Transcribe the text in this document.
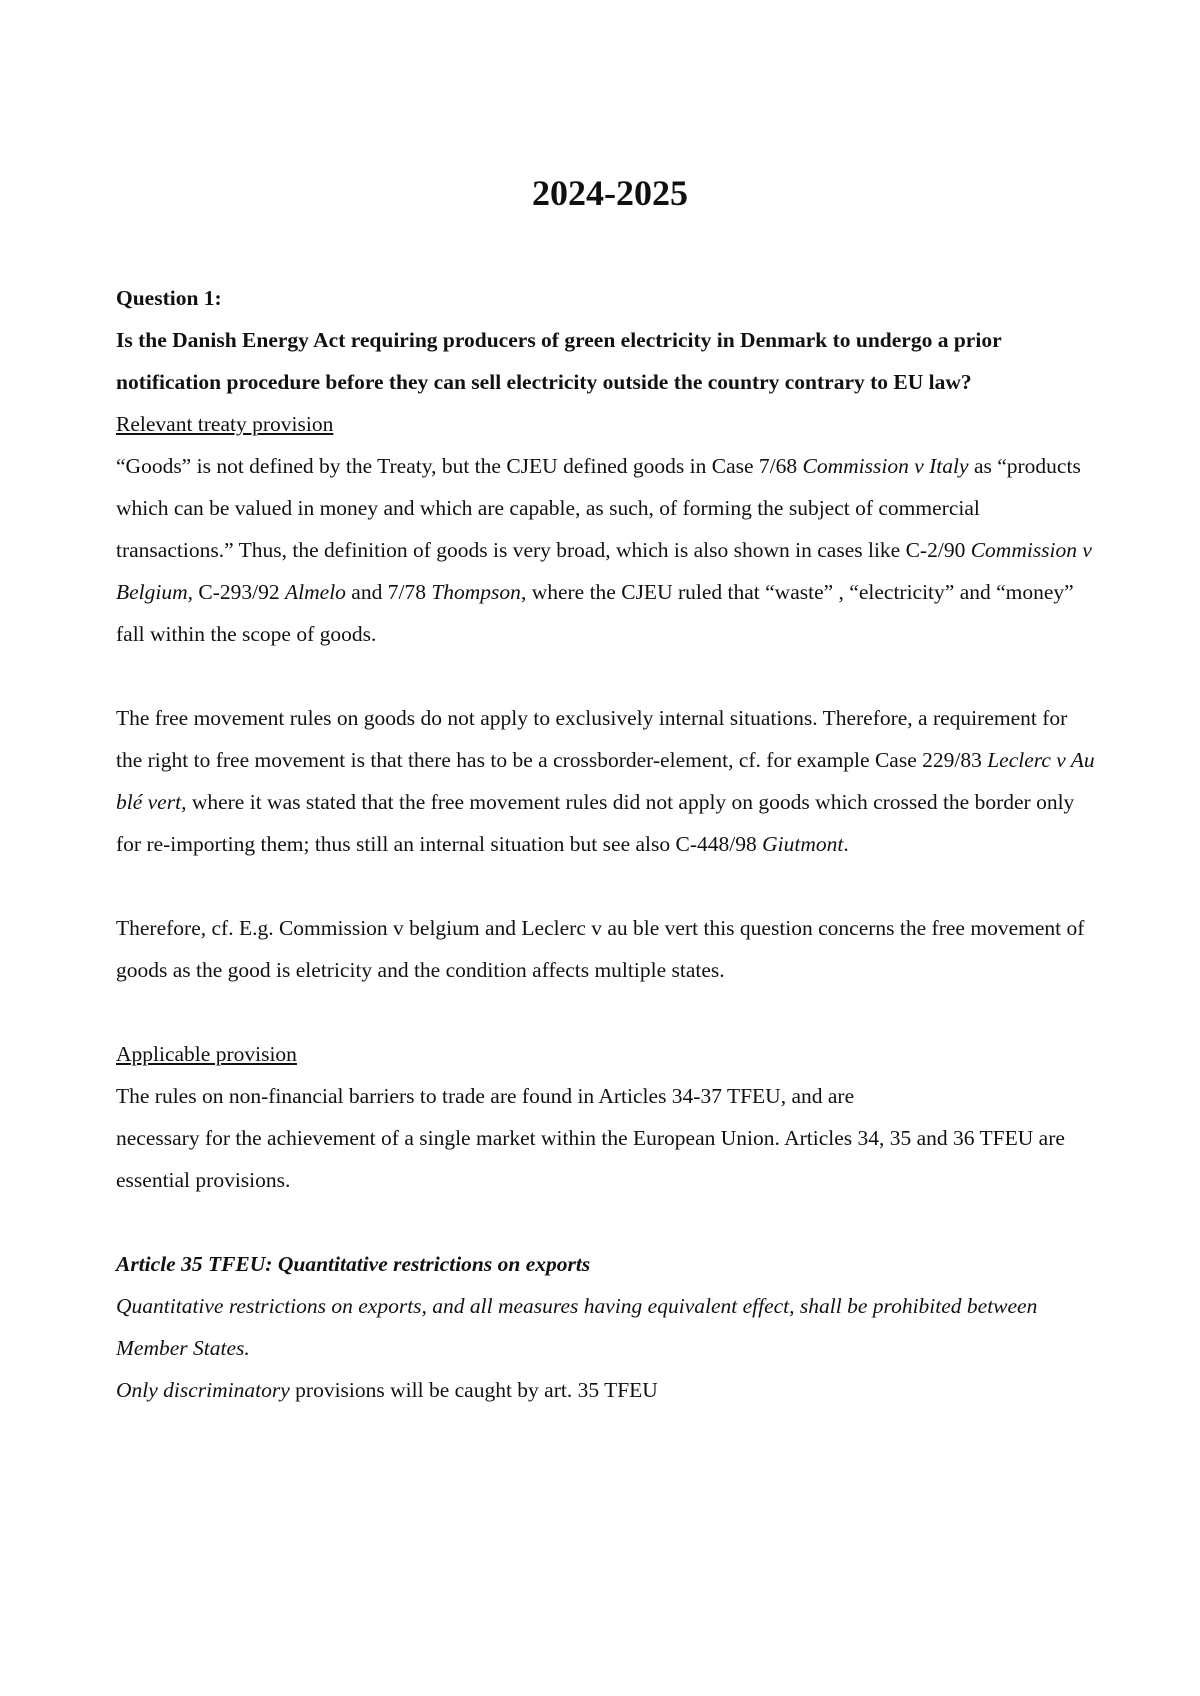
2024-2025

Question 1:

Is the Danish Energy Act requiring producers of green electricity in Denmark to undergo a prior notification procedure before they can sell electricity outside the country contrary to EU law?

Relevant treaty provision

“Goods” is not defined by the Treaty, but the CJEU defined goods in Case 7/68 Commission v Italy as “products which can be valued in money and which are capable, as such, of forming the subject of commercial transactions.” Thus, the definition of goods is very broad, which is also shown in cases like C-2/90 Commission v Belgium, C-293/92 Almelo and 7/78 Thompson, where the CJEU ruled that “waste” , “electricity” and “money” fall within the scope of goods.

The free movement rules on goods do not apply to exclusively internal situations. Therefore, a requirement for the right to free movement is that there has to be a crossborder-element, cf. for example Case 229/83 Leclerc v Au blé vert, where it was stated that the free movement rules did not apply on goods which crossed the border only for re-importing them; thus still an internal situation but see also C-448/98 Giutmont.

Therefore, cf. E.g. Commission v belgium and Leclerc v au ble vert this question concerns the free movement of goods as the good is eletricity and the condition affects multiple states.

Applicable provision

The rules on non-financial barriers to trade are found in Articles 34-37 TFEU, and are

necessary for the achievement of a single market within the European Union. Articles 34, 35 and 36 TFEU are essential provisions.

Article 35 TFEU: Quantitative restrictions on exports

Quantitative restrictions on exports, and all measures having equivalent effect, shall be prohibited between Member States.

Only discriminatory provisions will be caught by art. 35 TFEU
